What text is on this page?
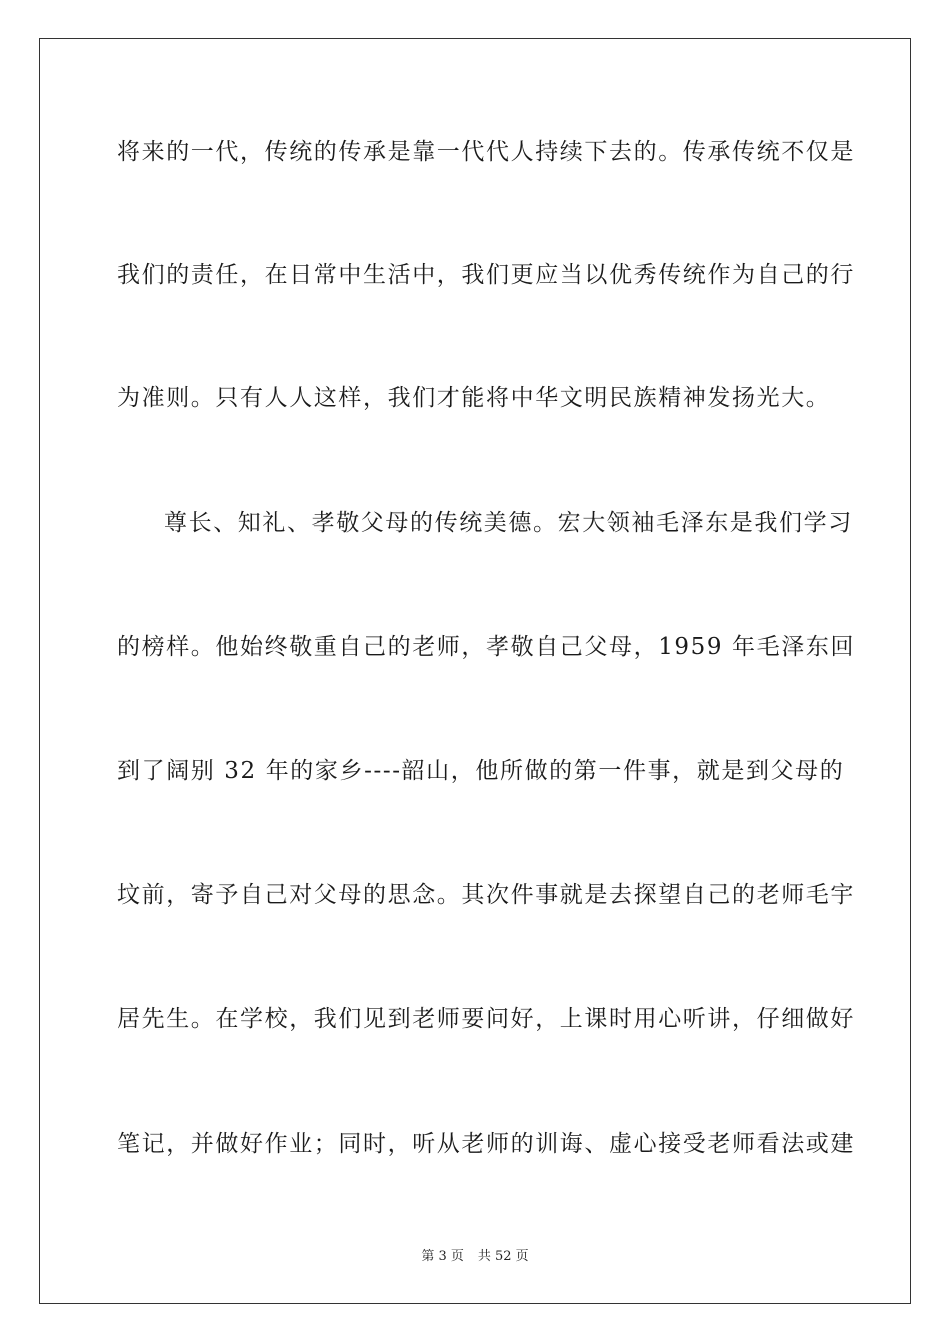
将来的一代，传统的传承是靠一代代人持续下去的。传承传统不仅是
我们的责任，在日常中生活中，我们更应当以优秀传统作为自己的行
为准则。只有人人这样，我们才能将中华文明民族精神发扬光大。
尊长、知礼、孝敬父母的传统美德。宏大领袖毛泽东是我们学习
的榜样。他始终敬重自己的老师，孝敬自己父母，1959 年毛泽东回
到了阔别 32 年的家乡----韶山，他所做的第一件事，就是到父母的
坟前，寄予自己对父母的思念。其次件事就是去探望自己的老师毛宇
居先生。在学校，我们见到老师要问好，上课时用心听讲，仔细做好
笔记，并做好作业；同时，听从老师的训诲、虚心接受老师看法或建
第 3 页 共 52 页
